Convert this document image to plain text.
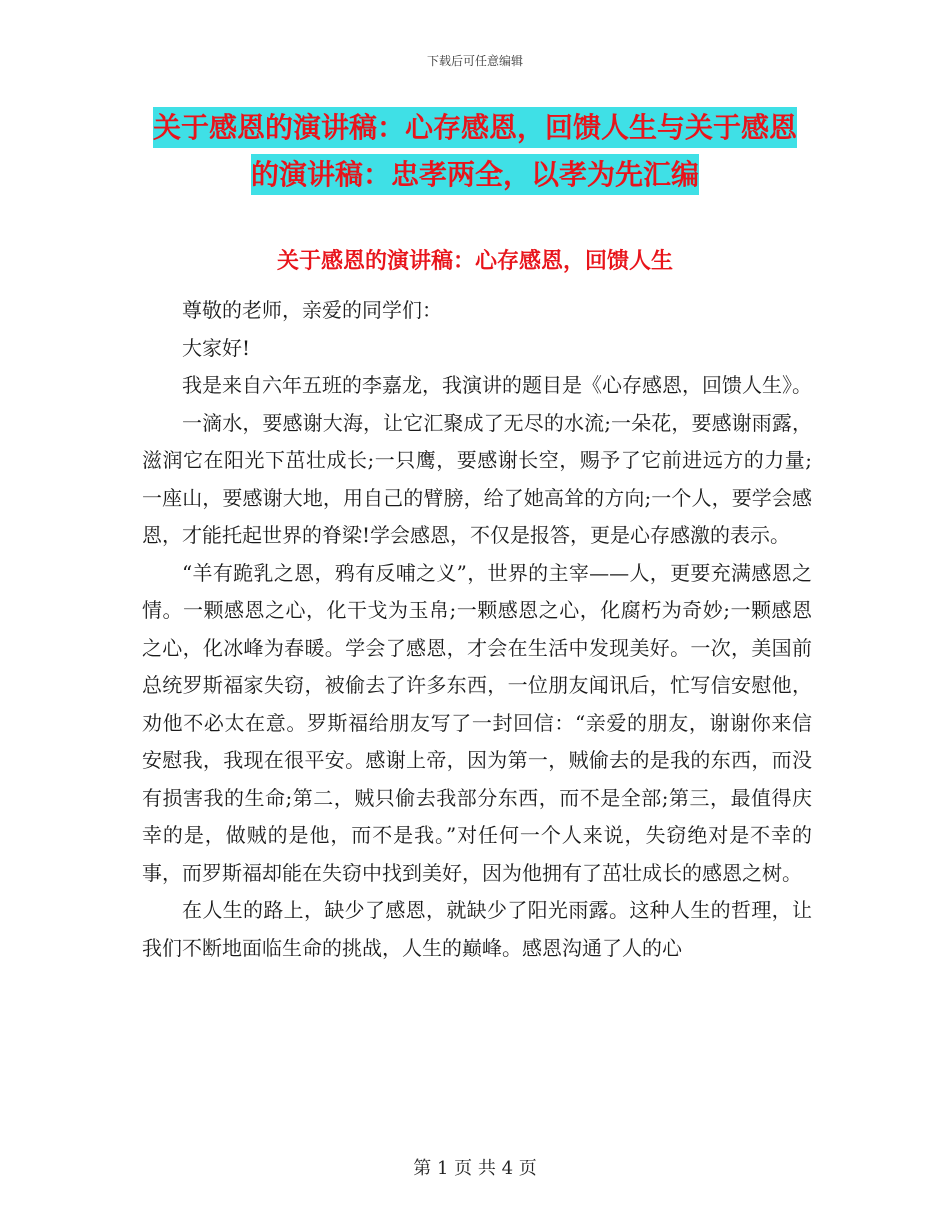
下载后可任意编辑
关于感恩的演讲稿：心存感恩，回馈人生与关于感恩
的演讲稿：忠孝两全，以孝为先汇编
关于感恩的演讲稿：心存感恩，回馈人生

尊敬的老师，亲爱的同学们：

大家好!

我是来自六年五班的李嘉龙，我演讲的题目是《心存感恩，回馈人生》。

一滴水，要感谢大海，让它汇聚成了无尽的水流;一朵花，要感谢雨露，滋润它在阳光下茁壮成长;一只鹰，要感谢长空，赐予了它前进远方的力量;一座山，要感谢大地，用自己的臂膀，给了她高耸的方向;一个人，要学会感恩，才能托起世界的脊梁!学会感恩，不仅是报答，更是心存感激的表示。

“羊有跪乳之恩，鸦有反哺之义”，世界的主宰——人，更要充满感恩之情。一颗感恩之心，化干戈为玉帛;一颗感恩之心，化腐朽为奇妙;一颗感恩之心，化冰峰为春暖。学会了感恩，才会在生活中发现美好。一次，美国前总统罗斯福家失窃，被偷去了许多东西，一位朋友闻讯后，忙写信安慰他，劝他不必太在意。罗斯福给朋友写了一封回信：“亲爱的朋友，谢谢你来信安慰我，我现在很平安。感谢上帝，因为第一，贼偷去的是我的东西，而没有损害我的生命;第二，贼只偷去我部分东西，而不是全部;第三，最值得庆幸的是，做贼的是他，而不是我。”对任何一个人来说，失窃绝对是不幸的事，而罗斯福却能在失窃中找到美好，因为他拥有了茁壮成长的感恩之树。

在人生的路上，缺少了感恩，就缺少了阳光雨露。这种人生的哲理，让我们不断地面临生命的挑战，人生的巅峰。感恩沟通了人的心

第 1 页 共 4 页
